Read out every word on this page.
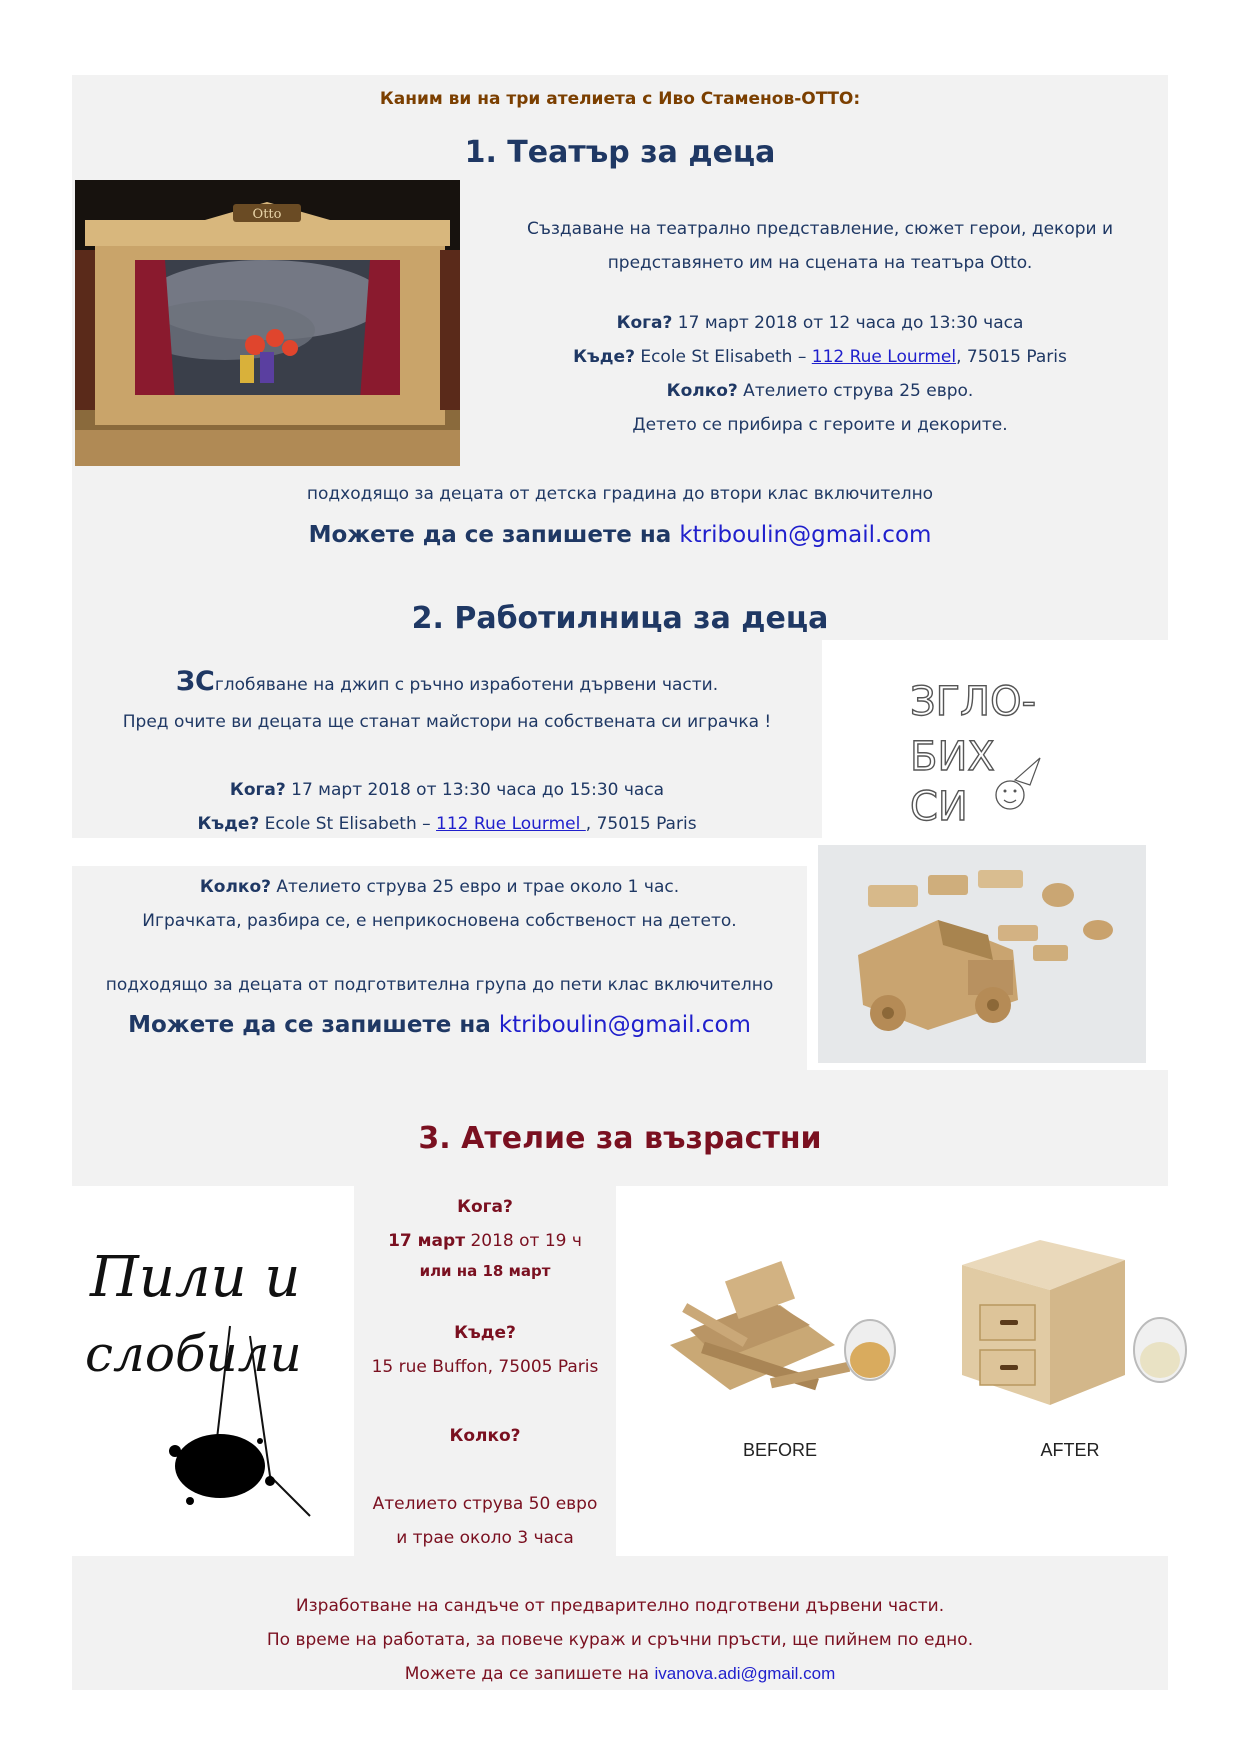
Каним ви на три ателиета с Иво Стаменов-ОТТО:
1. Театър за деца
Otto
Създаване на театрално представление, сюжет герои, декори и
представянето им на сцената на театъра Otto.
Кога? 17 март 2018 от 12 часа до 13:30 часа
Къде? Ecole St Elisabeth – 112 Rue Lourmel, 75015 Paris
Колко? Ателието струва 25 евро.
Детето се прибира с героите и декорите.
подходящо за децата от детска градина до втори клас включително
Можете да се запишете на ktriboulin@gmail.com
2. Работилница за деца
ЗСглобяване на джип с ръчно изработени дървени части.
Пред очите ви децата ще станат майстори на собствената си играчка !
Кога? 17 март 2018 от 13:30 часа до 15:30 часа
Къде? Ecole St Elisabeth – 112 Rue Lourmel , 75015 Paris
ЗГЛО-
БИХ
СИ
Колко? Ателието струва 25 евро и трае около 1 час.
Играчката, разбира се, е неприкосновена собственост на детето.
подходящо за децата от подготвителна група до пети клас включително
Можете да се запишете на ktriboulin@gmail.com
3. Ателие за възрастни
Пили и
слобили
Кога?
17 март 2018 от 19 ч
или на 18 март
Къде?
15 rue Buffon, 75005 Paris
Колко?
Ателието струва 50 евро
и трае около 3 часа
BEFORE	AFTER
Изработване на сандъче от предварително подготвени дървени части.
По време на работата, за повече кураж и сръчни пръсти, ще пийнем по едно.
Можете да се запишете на ivanova.adi@gmail.com
